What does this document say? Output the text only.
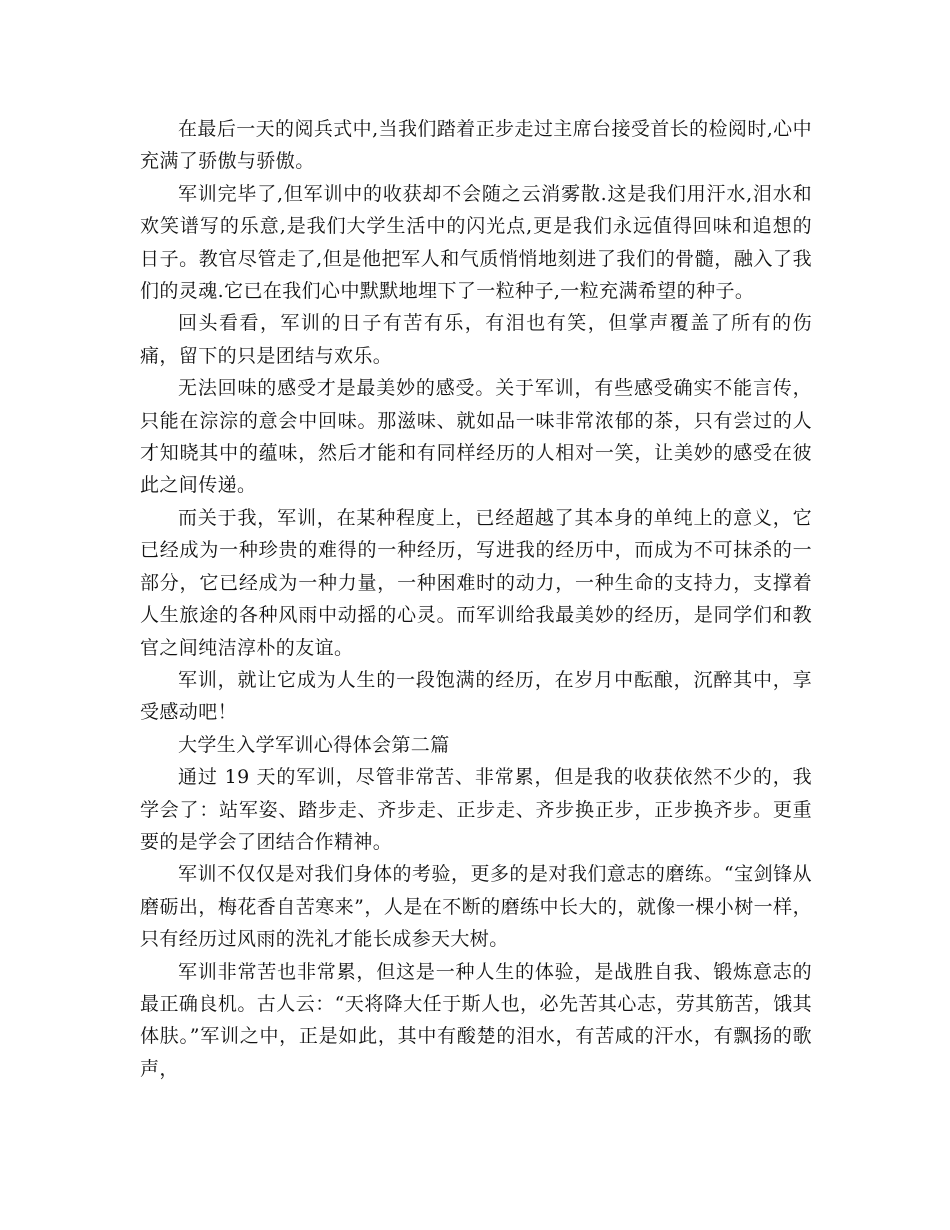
在最后一天的阅兵式中,当我们踏着正步走过主席台接受首长的检阅时,心中充满了骄傲与骄傲。

军训完毕了,但军训中的收获却不会随之云消雾散.这是我们用汗水,泪水和欢笑谱写的乐意,是我们大学生活中的闪光点,更是我们永远值得回味和追想的日子。教官尽管走了,但是他把军人和气质悄悄地刻进了我们的骨髓，融入了我们的灵魂.它已在我们心中默默地埋下了一粒种子,一粒充满希望的种子。

回头看看，军训的日子有苦有乐，有泪也有笑，但掌声覆盖了所有的伤痛，留下的只是团结与欢乐。

无法回味的感受才是最美妙的感受。关于军训，有些感受确实不能言传，只能在淙淙的意会中回味。那滋味、就如品一味非常浓郁的茶，只有尝过的人才知晓其中的蕴味，然后才能和有同样经历的人相对一笑，让美妙的感受在彼此之间传递。

而关于我，军训，在某种程度上，已经超越了其本身的单纯上的意义，它已经成为一种珍贵的难得的一种经历，写进我的经历中，而成为不可抹杀的一部分，它已经成为一种力量，一种困难时的动力，一种生命的支持力，支撑着人生旅途的各种风雨中动摇的心灵。而军训给我最美妙的经历，是同学们和教官之间纯洁淳朴的友谊。

军训，就让它成为人生的一段饱满的经历，在岁月中酝酿，沉醉其中，享受感动吧！

大学生入学军训心得体会第二篇

通过 19 天的军训，尽管非常苦、非常累，但是我的收获依然不少的，我学会了：站军姿、踏步走、齐步走、正步走、齐步换正步，正步换齐步。更重要的是学会了团结合作精神。

军训不仅仅是对我们身体的考验，更多的是对我们意志的磨练。“宝剑锋从磨砺出，梅花香自苦寒来”，人是在不断的磨练中长大的，就像一棵小树一样，只有经历过风雨的洗礼才能长成参天大树。

军训非常苦也非常累，但这是一种人生的体验，是战胜自我、锻炼意志的最正确良机。古人云：“天将降大任于斯人也，必先苦其心志，劳其筋苦，饿其体肤。”军训之中，正是如此，其中有酸楚的泪水，有苦咸的汗水，有飘扬的歌声，
